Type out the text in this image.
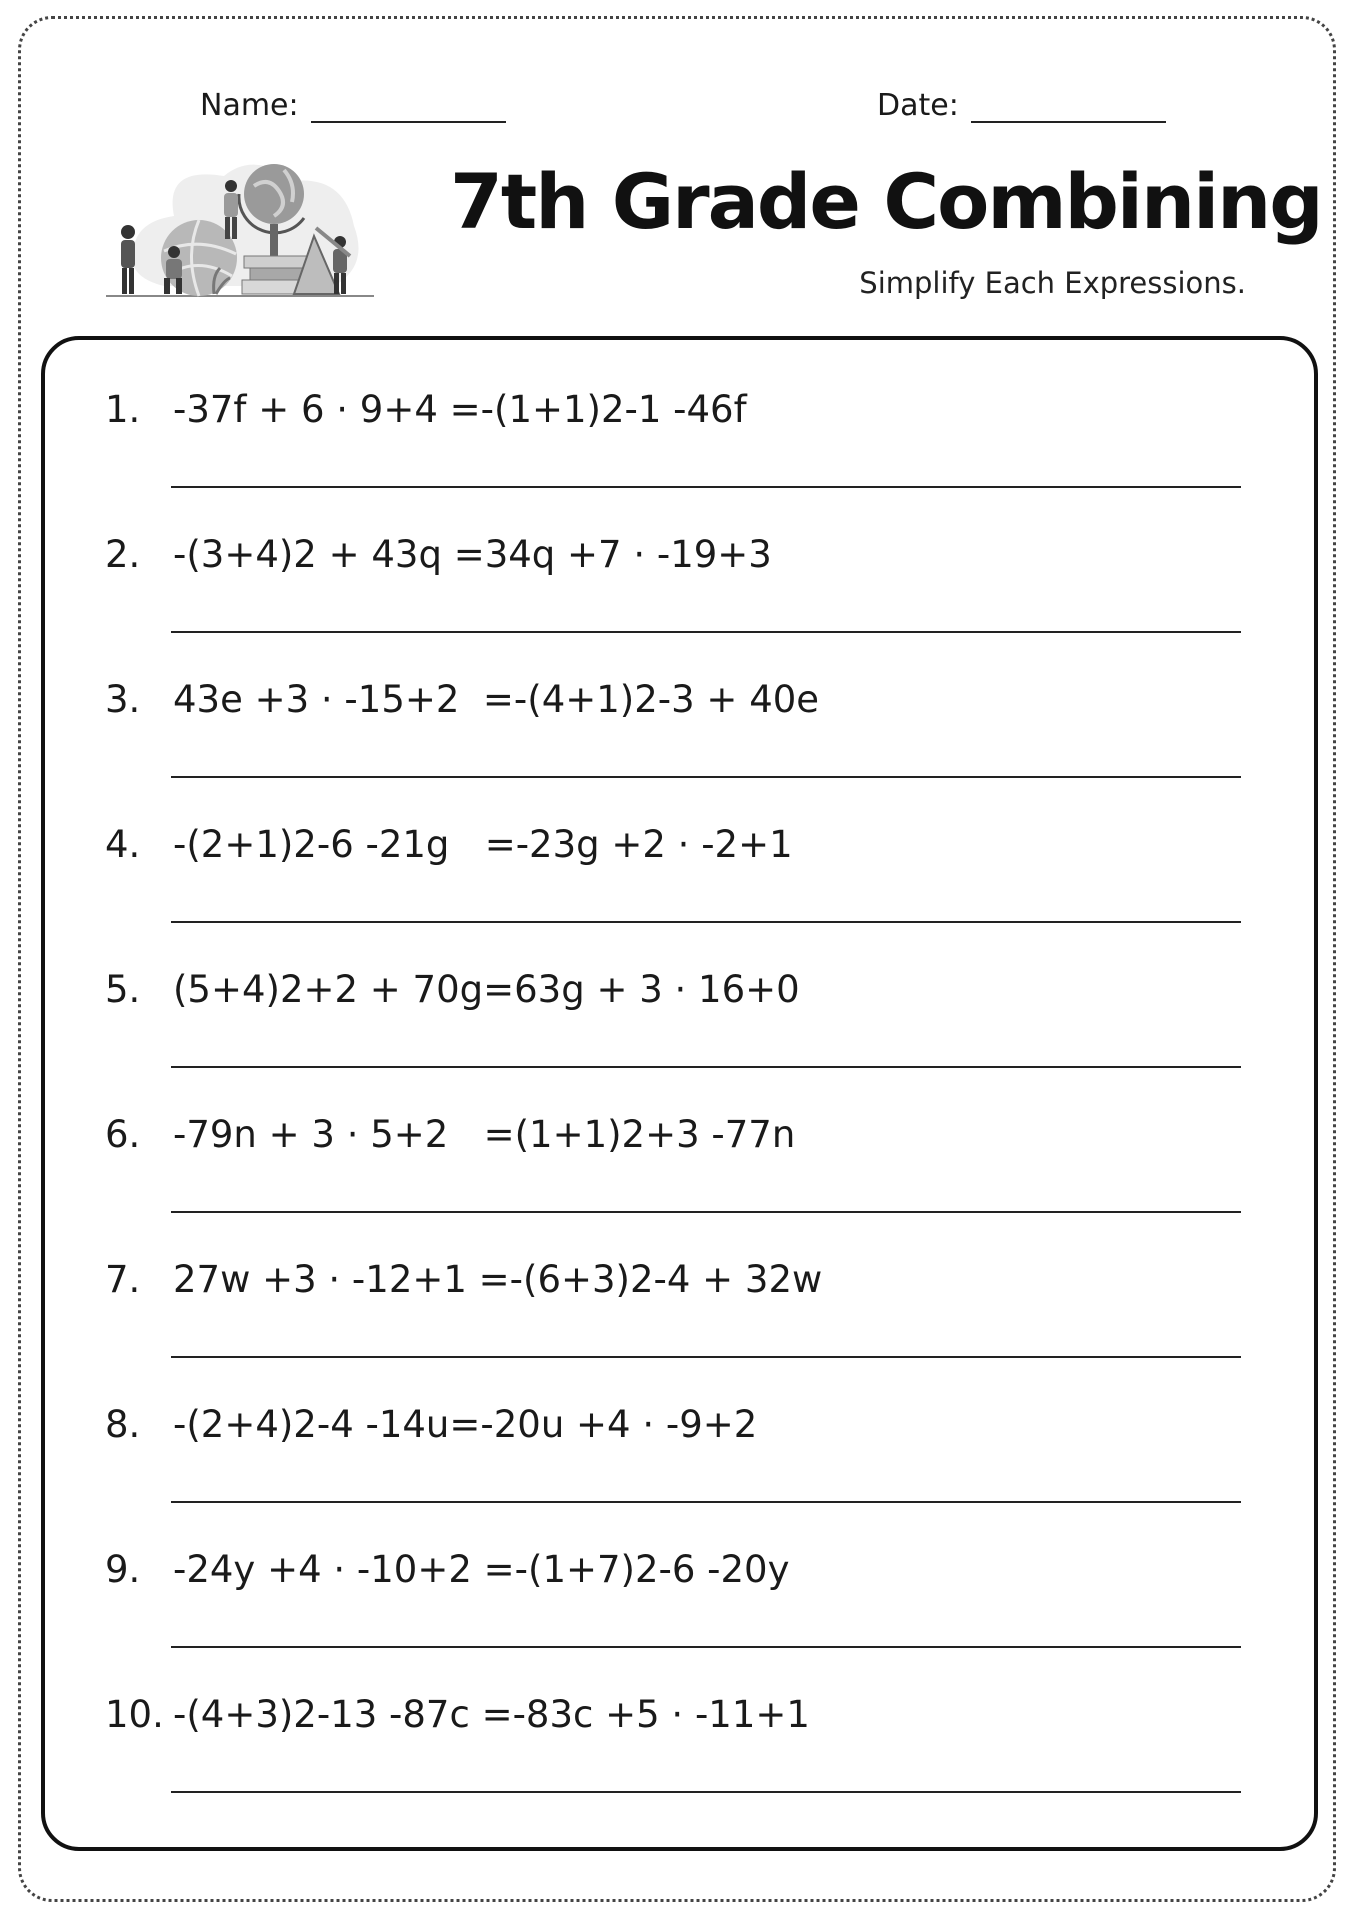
Name:	Date:
7th Grade Combining
Simplify Each Expressions.
1. -37f + 6 · 9+4 =-(1+1)2-1 -46f
2. -(3+4)2 + 43q =34q +7 · -19+3
3. 43e +3 · -15+2  =-(4+1)2-3 + 40e
4. -(2+1)2-6 -21g   =-23g +2 · -2+1
5. (5+4)2+2 + 70g=63g + 3 · 16+0
6. -79n + 3 · 5+2   =(1+1)2+3 -77n
7. 27w +3 · -12+1 =-(6+3)2-4 + 32w
8. -(2+4)2-4 -14u=-20u +4 · -9+2
9. -24y +4 · -10+2 =-(1+7)2-6 -20y
10. -(4+3)2-13 -87c =-83c +5 · -11+1
